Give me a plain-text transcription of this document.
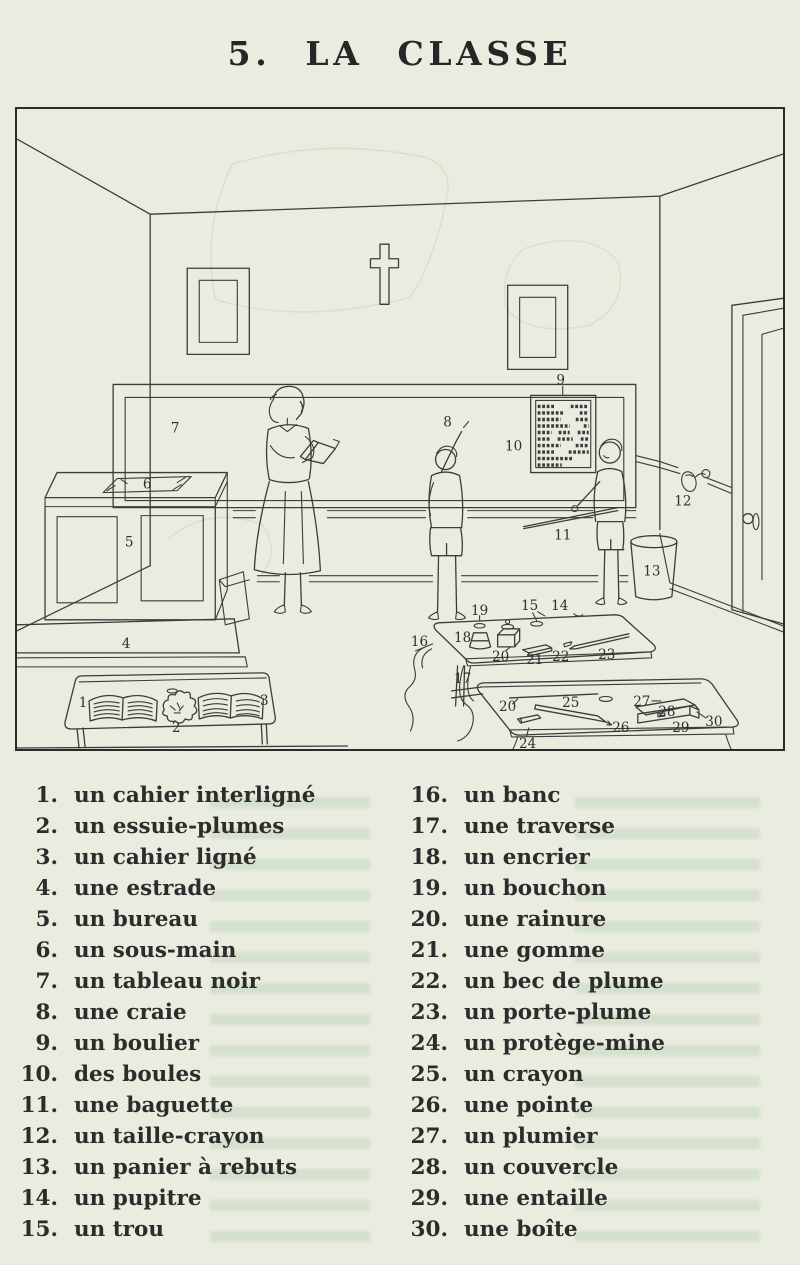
5. LA CLASSE
1
2
3
4
5
6
7	8
9
10
11
12
13
14
15
16
17
18
19
20 21 22 23
24
25
26
27
28
29 30
20
1. un cahier interligné
2. un essuie-plumes
3. un cahier ligné
4. une estrade
5. un bureau
6. un sous-main
7. un tableau noir
8. une craie
9. un boulier
10. des boules
11. une baguette
12. un taille-crayon
13. un panier à rebuts
14. un pupitre
15. un trou
16. un banc
17. une traverse
18. un encrier
19. un bouchon
20. une rainure
21. une gomme
22. un bec de plume
23. un porte-plume
24. un protège-mine
25. un crayon
26. une pointe
27. un plumier
28. un couvercle
29. une entaille
30. une boîte
